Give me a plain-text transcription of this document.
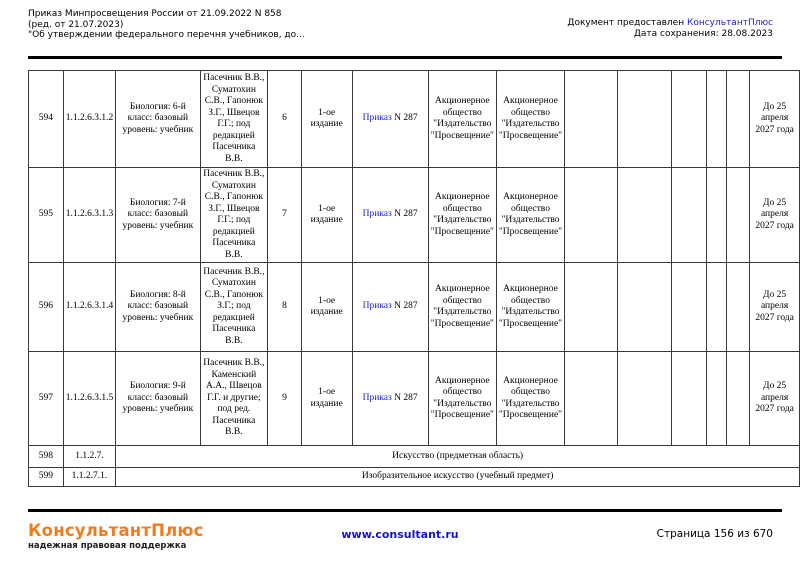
Приказ Минпросвещения России от 21.09.2022 N 858
(ред. от 21.07.2023)
"Об утверждении федерального перечня учебников, до...
Документ предоставлен КонсультантПлюс
Дата сохранения: 28.08.2023
594	1.1.2.6.3.1.2	Биология: 6-й класс: базовый уровень: учебник	Пасечник В.В., Суматохин С.В., Гапонюк З.Г., Швецов Г.Г.; под редакцией Пасечника В.В.	6	1-ое издание	Приказ N 287	Акционерное общество "Издательство "Просвещение"	Акционерное общество "Издательство "Просвещение"						До 25 апреля 2027 года
595	1.1.2.6.3.1.3	Биология: 7-й класс: базовый уровень: учебник	Пасечник В.В., Суматохин С.В., Гапонюк З.Г., Швецов Г.Г.; под редакцией Пасечника В.В.	7	1-ое издание	Приказ N 287	Акционерное общество "Издательство "Просвещение"	Акционерное общество "Издательство "Просвещение"						До 25 апреля 2027 года
596	1.1.2.6.3.1.4	Биология: 8-й класс: базовый уровень: учебник	Пасечник В.В., Суматохин С.В., Гапонюк З.Г.; под редакцией Пасечника В.В.	8	1-ое издание	Приказ N 287	Акционерное общество "Издательство "Просвещение"	Акционерное общество "Издательство "Просвещение"						До 25 апреля 2027 года
597	1.1.2.6.3.1.5	Биология: 9-й класс: базовый уровень: учебник	Пасечник В.В., Каменский А.А., Швецов Г.Г. и другие; под ред. Пасечника В.В.	9	1-ое издание	Приказ N 287	Акционерное общество "Издательство "Просвещение"	Акционерное общество "Издательство "Просвещение"						До 25 апреля 2027 года
598	1.1.2.7.	Искусство (предметная область)												
599	1.1.2.7.1.	Изобразительное искусство (учебный предмет)												
КонсультантПлюс
надежная правовая поддержка
www.consultant.ru	Страница 156 из 670
